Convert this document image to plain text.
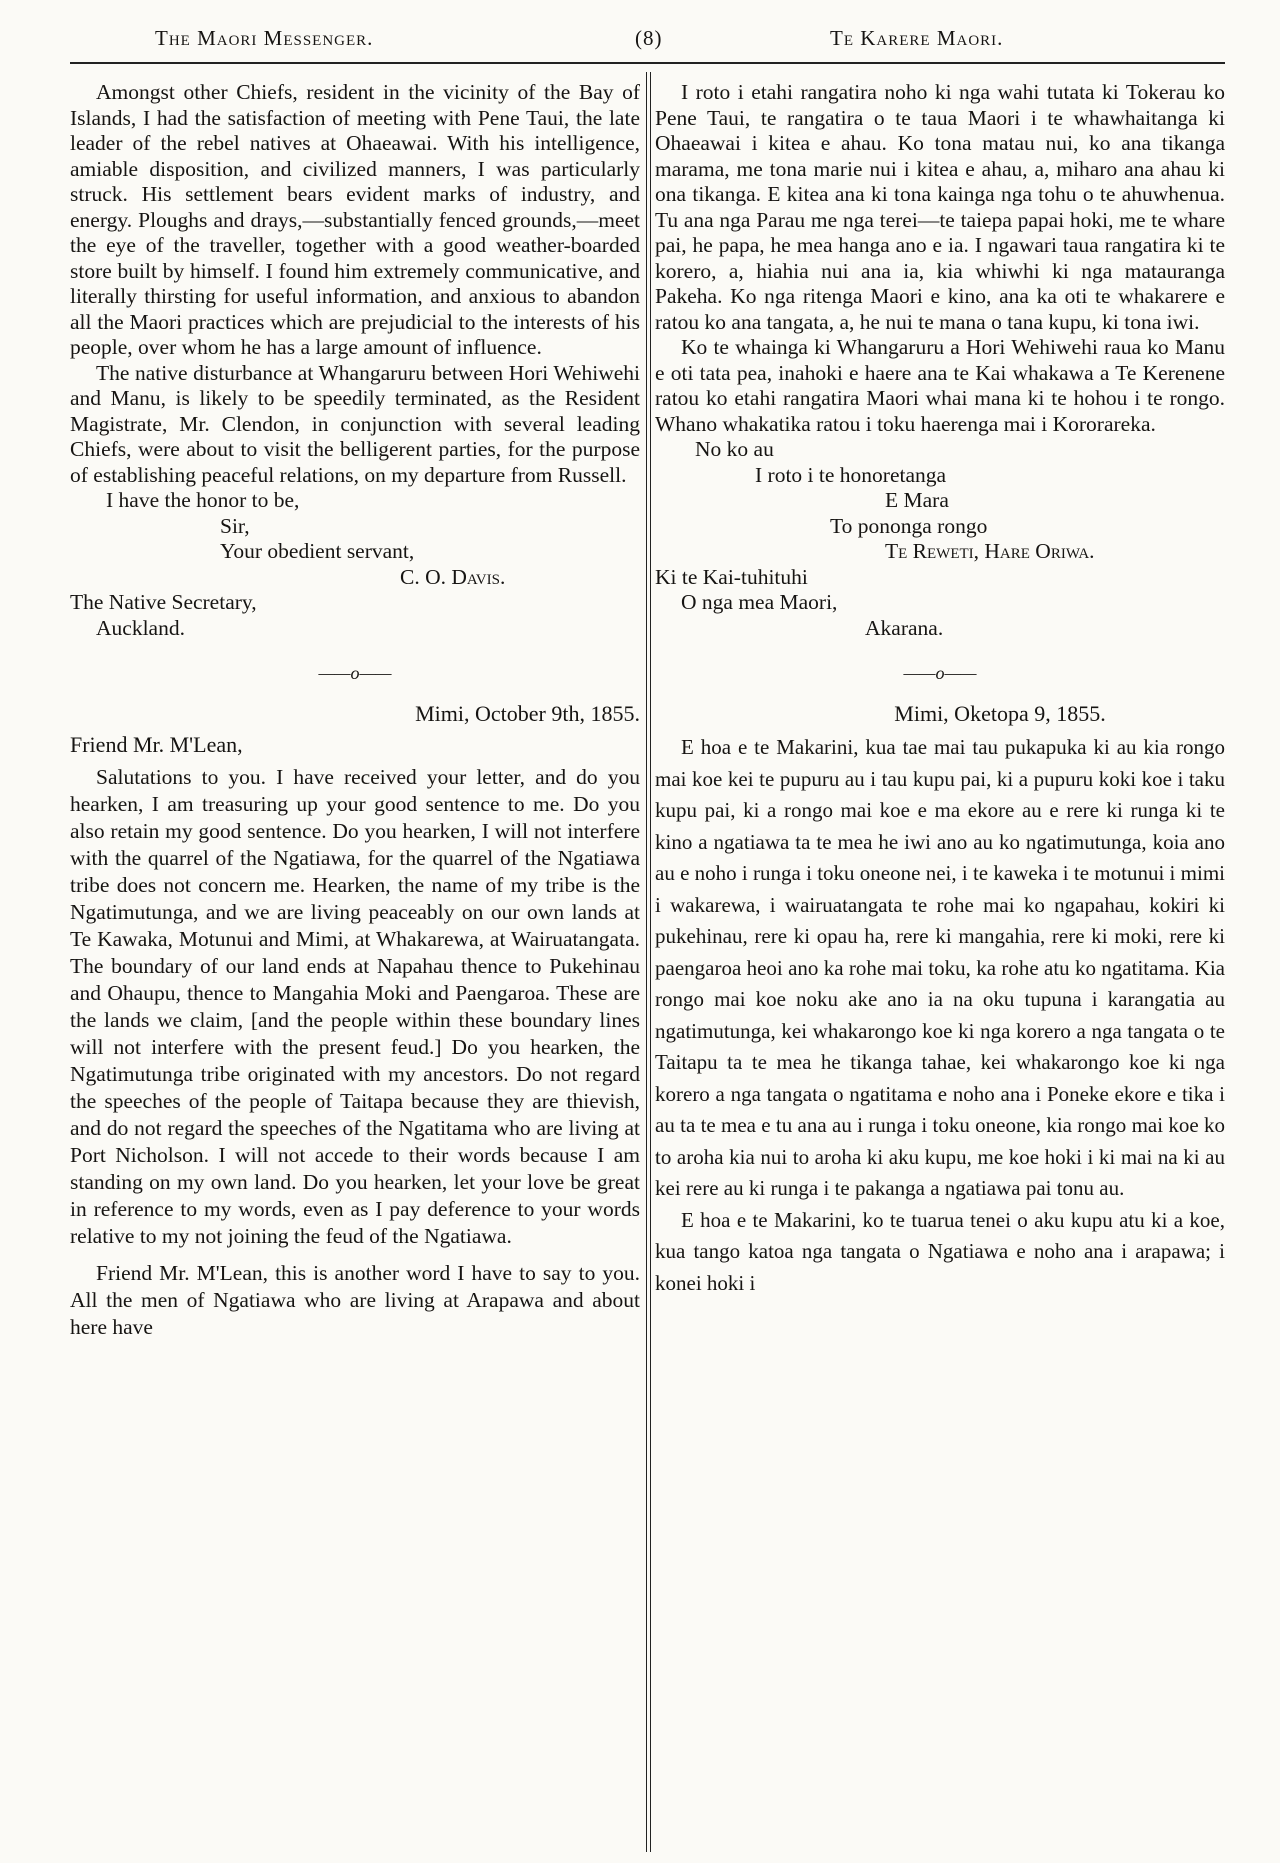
The Maori Messenger.	(8)	Te Karere Maori.

Amongst other Chiefs, resident in the vicinity of the Bay of Islands, I had the satisfaction of meeting with Pene Taui, the late leader of the rebel natives at Ohaeawai. With his intelligence, amiable disposition, and civilized manners, I was particularly struck. His settlement bears evident marks of industry, and energy. Ploughs and drays,—substantially fenced grounds,—meet the eye of the traveller, together with a good weather-boarded store built by himself. I found him extremely communicative, and literally thirsting for useful information, and anxious to abandon all the Maori practices which are prejudicial to the interests of his people, over whom he has a large amount of influence.

The native disturbance at Whangaruru between Hori Wehiwehi and Manu, is likely to be speedily terminated, as the Resident Magistrate, Mr. Clendon, in conjunction with several leading Chiefs, were about to visit the belligerent parties, for the purpose of establishing peaceful relations, on my departure from Russell.

I have the honor to be,
Sir,
Your obedient servant,
C. O. Davis.
The Native Secretary,
Auckland.
——o——
Mimi, October 9th, 1855.
Friend Mr. M'Lean,

Salutations to you. I have received your letter, and do you hearken, I am treasuring up your good sentence to me. Do you also retain my good sentence. Do you hearken, I will not interfere with the quarrel of the Ngatiawa, for the quarrel of the Ngatiawa tribe does not concern me. Hearken, the name of my tribe is the Ngatimutunga, and we are living peaceably on our own lands at Te Kawaka, Motunui and Mimi, at Whakarewa, at Wairuatangata. The boundary of our land ends at Napahau thence to Pukehinau and Ohaupu, thence to Mangahia Moki and Paengaroa. These are the lands we claim, [and the people within these boundary lines will not interfere with the present feud.] Do you hearken, the Ngatimutunga tribe originated with my ancestors. Do not regard the speeches of the people of Taitapa because they are thievish, and do not regard the speeches of the Ngatitama who are living at Port Nicholson. I will not accede to their words because I am standing on my own land. Do you hearken, let your love be great in reference to my words, even as I pay deference to your words relative to my not joining the feud of the Ngatiawa.

Friend Mr. M'Lean, this is another word I have to say to you. All the men of Ngatiawa who are living at Arapawa and about here have

I roto i etahi rangatira noho ki nga wahi tutata ki Tokerau ko Pene Taui, te rangatira o te taua Maori i te whawhaitanga ki Ohaeawai i kitea e ahau. Ko tona matau nui, ko ana tikanga marama, me tona marie nui i kitea e ahau, a, miharo ana ahau ki ona tikanga. E kitea ana ki tona kainga nga tohu o te ahuwhenua. Tu ana nga Parau me nga terei—te taiepa papai hoki, me te whare pai, he papa, he mea hanga ano e ia. I ngawari taua rangatira ki te korero, a, hiahia nui ana ia, kia whiwhi ki nga matauranga Pakeha. Ko nga ritenga Maori e kino, ana ka oti te whakarere e ratou ko ana tangata, a, he nui te mana o tana kupu, ki tona iwi.

Ko te whainga ki Whangaruru a Hori Wehiwehi raua ko Manu e oti tata pea, inahoki e haere ana te Kai whakawa a Te Kerenene ratou ko etahi rangatira Maori whai mana ki te hohou i te rongo. Whano whakatika ratou i toku haerenga mai i Kororareka.

No ko au
I roto i te honoretanga
E Mara
To pononga rongo
Te Reweti, Hare Oriwa.
Ki te Kai-tuhituhi
O nga mea Maori,
Akarana.
——o——
Mimi, Oketopa 9, 1855.

E hoa e te Makarini, kua tae mai tau pukapuka ki au kia rongo mai koe kei te pupuru au i tau kupu pai, ki a pupuru koki koe i taku kupu pai, ki a rongo mai koe e ma ekore au e rere ki runga ki te kino a ngatiawa ta te mea he iwi ano au ko ngatimutunga, koia ano au e noho i runga i toku oneone nei, i te kaweka i te motunui i mimi i wakarewa, i wairuatangata te rohe mai ko ngapahau, kokiri ki pukehinau, rere ki opau ha, rere ki mangahia, rere ki moki, rere ki paengaroa heoi ano ka rohe mai toku, ka rohe atu ko ngatitama. Kia rongo mai koe noku ake ano ia na oku tupuna i karangatia au ngatimutunga, kei whakarongo koe ki nga korero a nga tangata o te Taitapu ta te mea he tikanga tahae, kei whakarongo koe ki nga korero a nga tangata o ngatitama e noho ana i Poneke ekore e tika i au ta te mea e tu ana au i runga i toku oneone, kia rongo mai koe ko to aroha kia nui to aroha ki aku kupu, me koe hoki i ki mai na ki au kei rere au ki runga i te pakanga a ngatiawa pai tonu au.

E hoa e te Makarini, ko te tuarua tenei o aku kupu atu ki a koe, kua tango katoa nga tangata o Ngatiawa e noho ana i arapawa; i konei hoki i
